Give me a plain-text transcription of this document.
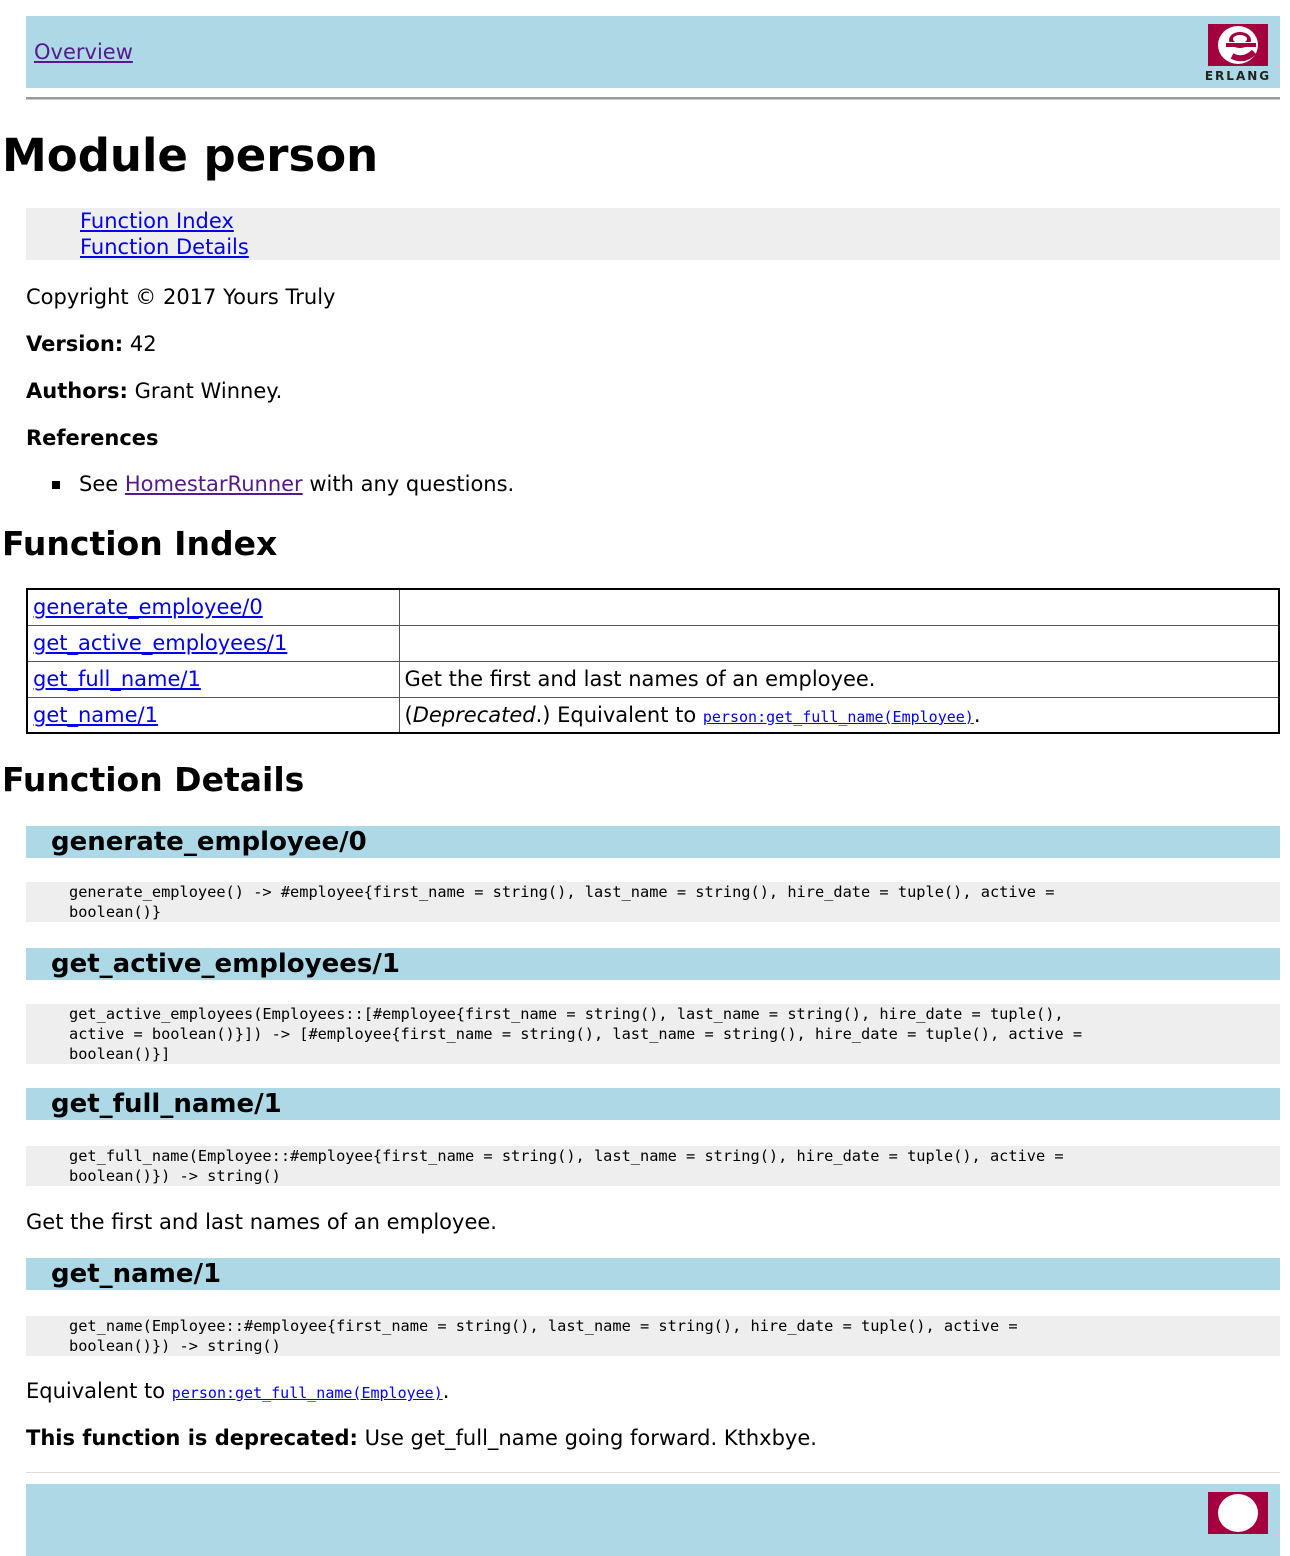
Overview
ERLANG
Module person
Function Index
Function Details

Copyright © 2017 Yours Truly

Version: 42

Authors: Grant Winney.

References

See HomestarRunner with any questions.
Function Index
generate_employee/0	
get_active_employees/1	
get_full_name/1	Get the first and last names of an employee.
get_name/1	(Deprecated.) Equivalent to person:get_full_name(Employee).
Function Details
generate_employee/0
generate_employee() -> #employee{first_name = string(), last_name = string(), hire_date = tuple(), active =
boolean()}
get_active_employees/1
get_active_employees(Employees::[#employee{first_name = string(), last_name = string(), hire_date = tuple(),
active = boolean()}]) -> [#employee{first_name = string(), last_name = string(), hire_date = tuple(), active =
boolean()}]
get_full_name/1
get_full_name(Employee::#employee{first_name = string(), last_name = string(), hire_date = tuple(), active =
boolean()}) -> string()

Get the first and last names of an employee.

get_name/1
get_name(Employee::#employee{first_name = string(), last_name = string(), hire_date = tuple(), active =
boolean()}) -> string()

Equivalent to person:get_full_name(Employee).

This function is deprecated: Use get_full_name going forward. Kthxbye.
